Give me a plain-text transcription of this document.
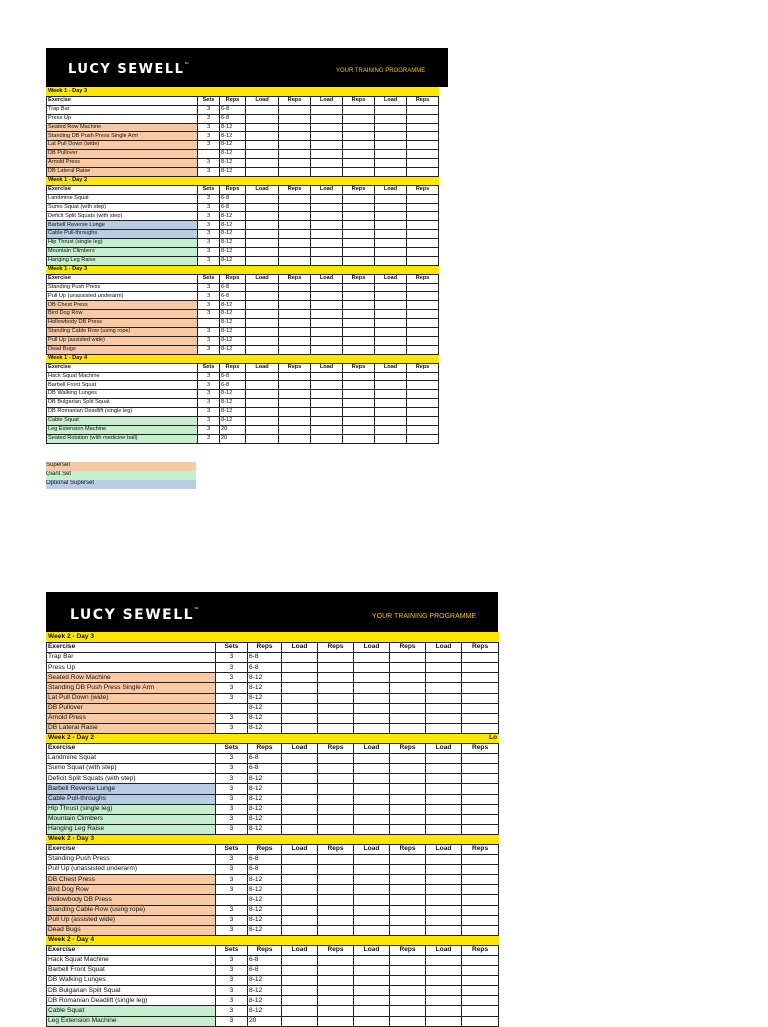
LUCY SEWELL™
YOUR TRAINING PROGRAMME
Week 1 - Day 3									
Exercise	Sets	Reps	Load	Reps	Load	Reps	Load	Reps	
Trap Bar	3	6-8							
Press Up	3	6-8							
Seated Row Machine	3	8-12							
Standing DB Push Press Single Arm	3	8-12							
Lat Pull Down (wide)	3	8-12							
DB Pullover		8-12							
Arnold Press	3	8-12							
DB Lateral Raise	3	8-12							
Week 1 - Day 2									
Exercise	Sets	Reps	Load	Reps	Load	Reps	Load	Reps	
Landmine Squat	3	6-8							
Sumo Squat (with step)	3	6-8							
Deficit Split Squats (with step)	3	8-12							
Barbell Reverse Lunge	3	8-12							
Cable Pull-throughs	3	8-12							
Hip Thrust (single leg)	3	8-12							
Mountain Climbers	3	8-12							
Hanging Leg Raise	3	8-12							
Week 1 - Day 3									
Exercise	Sets	Reps	Load	Reps	Load	Reps	Load	Reps	
Standing Push Press	3	6-8							
Pull Up (unassisted underarm)	3	6-8							
DB Chest Press	3	8-12							
Bird Dog Row	3	8-12							
Hollowbody DB Press		8-12							
Standing Cable Row (using rope)	3	8-12							
Pull Up (assisted wide)	3	8-12							
Dead Bugs	3	8-12							
Week 1 - Day 4									
Exercise	Sets	Reps	Load	Reps	Load	Reps	Load	Reps	
Hack Squat Machine	3	6-8							
Barbell Front Squat	3	6-8							
DB Walking Lunges	3	8-12							
DB Bulgarian Split Squat	3	8-12							
DB Romanian Deadlift (single leg)	3	8-12							
Cable Squat	3	8-12							
Leg Extension Machine	3	20							
Seated Rotation (with medicine ball)	3	20							
Superset
Giant Set
Optional Superset
LUCY SEWELL™
YOUR TRAINING PROGRAMME
Week 2 - Day 3									
Exercise	Sets	Reps	Load	Reps	Load	Reps	Load	Reps	
Trap Bar	3	6-8							
Press Up	3	6-8							
Seated Row Machine	3	8-12							
Standing DB Push Press Single Arm	3	8-12							
Lat Pull Down (wide)	3	8-12							
DB Pullover		8-12							
Arnold Press	3	8-12							
DB Lateral Raise	3	8-12							
Week 2 - Day 2								Lo	
Exercise	Sets	Reps	Load	Reps	Load	Reps	Load	Reps	
Landmine Squat	3	6-8							
Sumo Squat (with step)	3	6-8							
Deficit Split Squats (with step)	3	8-12							
Barbell Reverse Lunge	3	8-12							
Cable Pull-throughs	3	8-12							
Hip Thrust (single leg)	3	8-12							
Mountain Climbers	3	8-12							
Hanging Leg Raise	3	8-12							
Week 2 - Day 3									
Exercise	Sets	Reps	Load	Reps	Load	Reps	Load	Reps	
Standing Push Press	3	6-8							
Pull Up (unassisted underarm)	3	6-8							
DB Chest Press	3	8-12							
Bird Dog Row	3	8-12							
Hollowbody DB Press		8-12							
Standing Cable Row (using rope)	3	8-12							
Pull Up (assisted wide)	3	8-12							
Dead Bugs	3	8-12							
Week 2 - Day 4									
Exercise	Sets	Reps	Load	Reps	Load	Reps	Load	Reps	
Hack Squat Machine	3	6-8							
Barbell Front Squat	3	6-8							
DB Walking Lunges	3	8-12							
DB Bulgarian Split Squat	3	8-12							
DB Romanian Deadlift (single leg)	3	8-12							
Cable Squat	3	8-12							
Leg Extension Machine	3	20							
